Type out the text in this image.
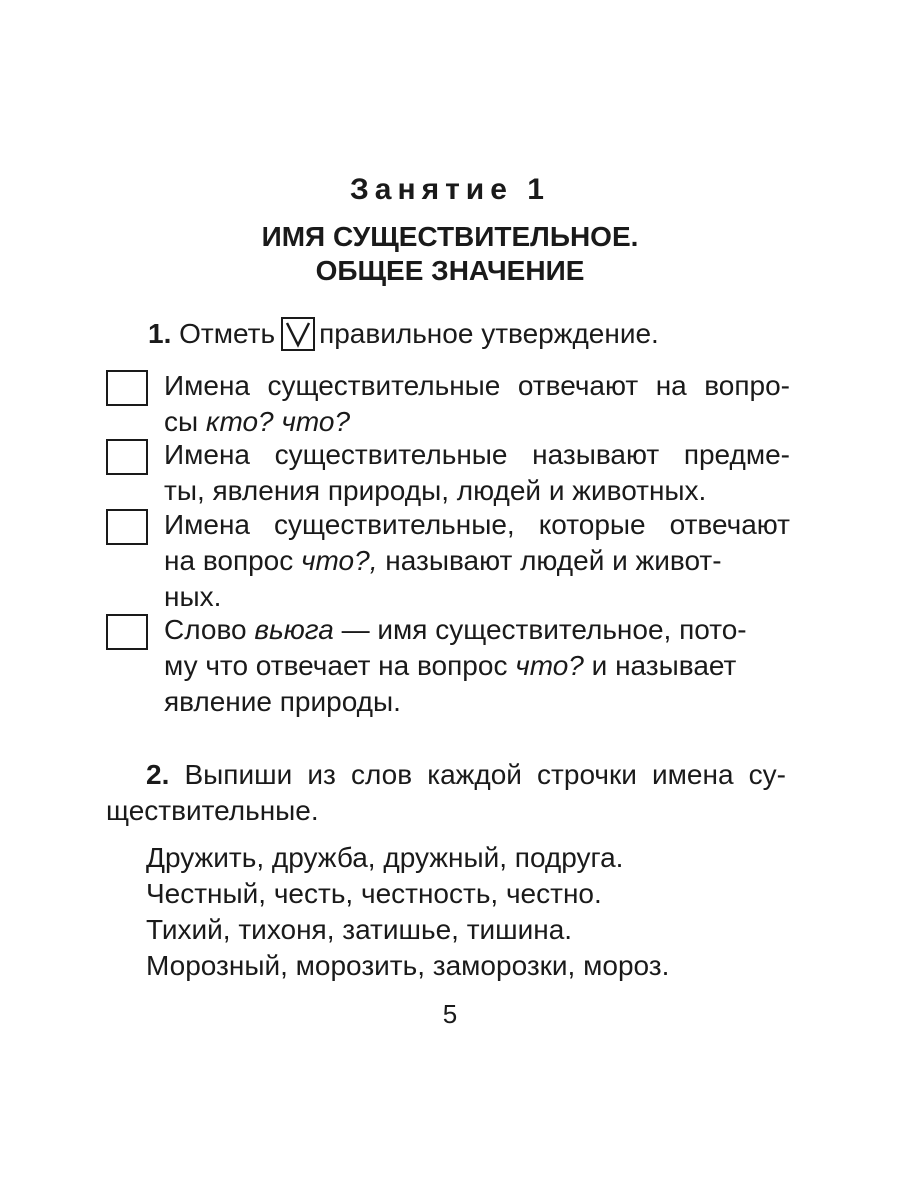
Занятие 1
ИМЯ СУЩЕСТВИТЕЛЬНОЕ.
ОБЩЕЕ ЗНАЧЕНИЕ
1. Отметь правильное утверждение.
Имена существительные отвечают на вопро-
сы кто? что?
Имена существительные называют предме-
ты, явления природы, людей и животных.
Имена существительные, которые отвечают
на вопрос что?, называют людей и живот-
ных.
Слово вьюга — имя существительное, пото-
му что отвечает на вопрос что? и называет
явление природы.
2. Выпиши из слов каждой строчки имена су-
ществительные.
Дружить, дружба, дружный, подруга.
Честный, честь, честность, честно.
Тихий, тихоня, затишье, тишина.
Морозный, морозить, заморозки, мороз.
5
